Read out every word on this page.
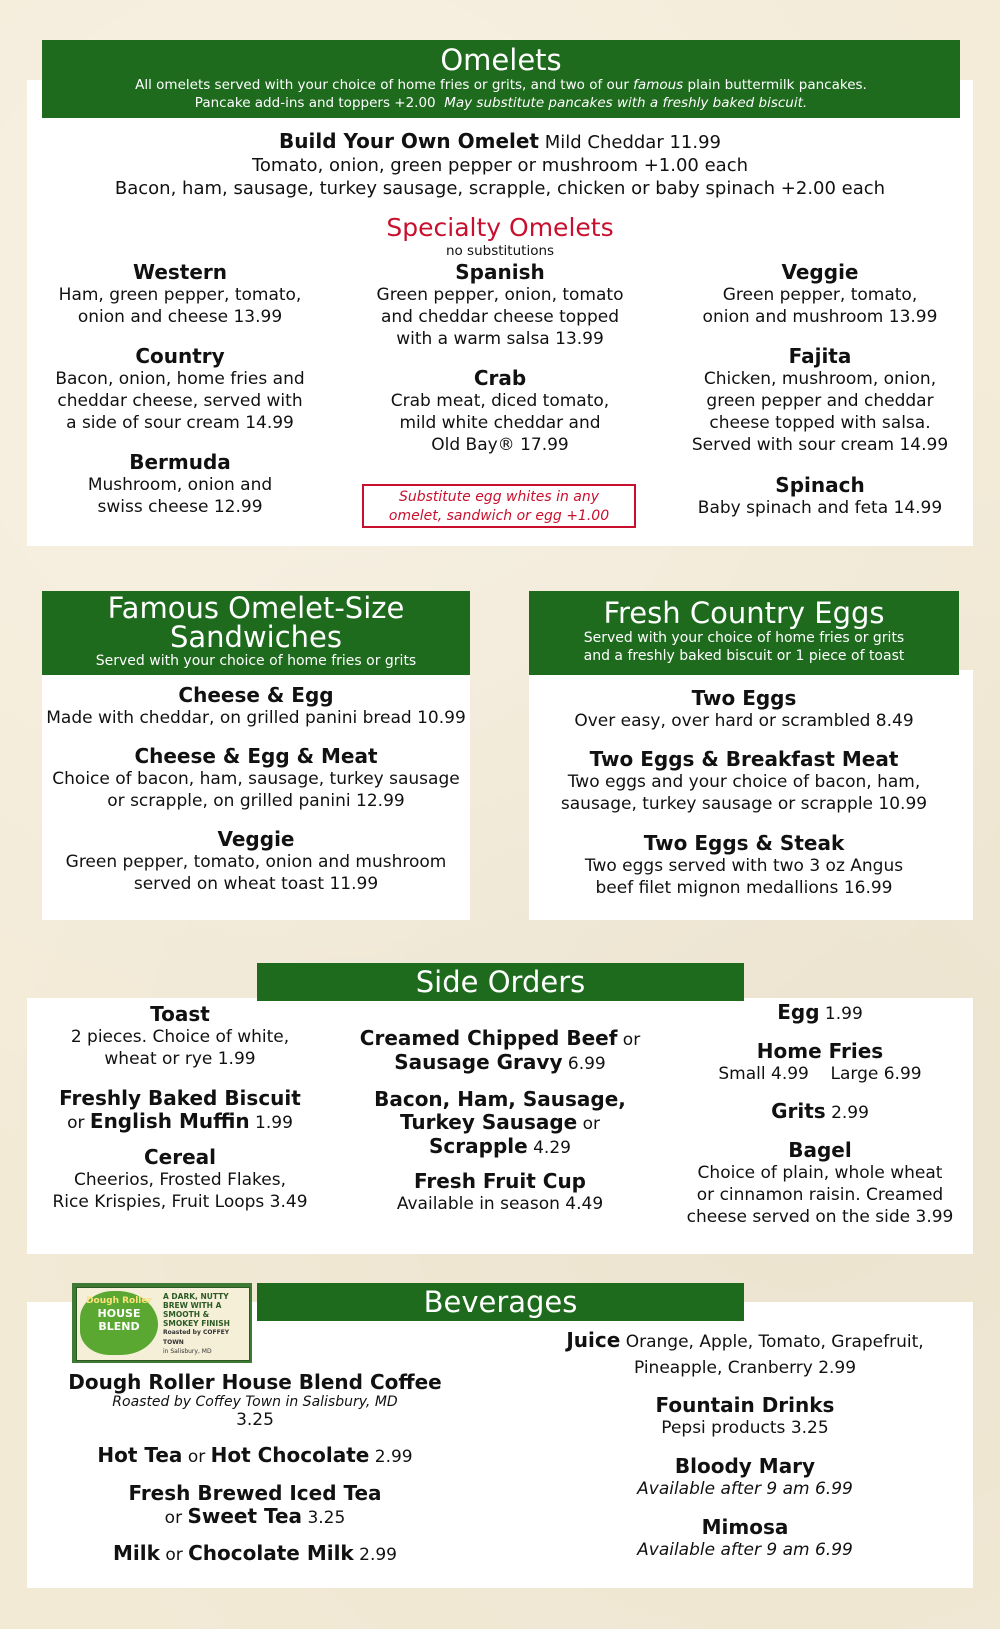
Omelets
All omelets served with your choice of home fries or grits, and two of our famous plain buttermilk pancakes.
Pancake add-ins and toppers +2.00 May substitute pancakes with a freshly baked biscuit.
Build Your Own Omelet Mild Cheddar 11.99
Tomato, onion, green pepper or mushroom +1.00 each
Bacon, ham, sausage, turkey sausage, scrapple, chicken or baby spinach +2.00 each
Specialty Omelets
no substitutions
Western
Ham, green pepper, tomato,
onion and cheese 13.99
Country
Bacon, onion, home fries and
cheddar cheese, served with
a side of sour cream 14.99
Bermuda
Mushroom, onion and
swiss cheese 12.99
Spanish
Green pepper, onion, tomato
and cheddar cheese topped
with a warm salsa 13.99
Crab
Crab meat, diced tomato,
mild white cheddar and
Old Bay® 17.99
Substitute egg whites in any
omelet, sandwich or egg +1.00
Veggie
Green pepper, tomato,
onion and mushroom 13.99
Fajita
Chicken, mushroom, onion,
green pepper and cheddar
cheese topped with salsa.
Served with sour cream 14.99
Spinach
Baby spinach and feta 14.99
Famous Omelet-Size
Sandwiches
Served with your choice of home fries or grits
Cheese & Egg
Made with cheddar, on grilled panini bread 10.99
Cheese & Egg & Meat
Choice of bacon, ham, sausage, turkey sausage
or scrapple, on grilled panini 12.99
Veggie
Green pepper, tomato, onion and mushroom
served on wheat toast 11.99
Fresh Country Eggs
Served with your choice of home fries or grits
and a freshly baked biscuit or 1 piece of toast
Two Eggs
Over easy, over hard or scrambled 8.49
Two Eggs & Breakfast Meat
Two eggs and your choice of bacon, ham,
sausage, turkey sausage or scrapple 10.99
Two Eggs & Steak
Two eggs served with two 3 oz Angus
beef filet mignon medallions 16.99
Side Orders
Toast
2 pieces. Choice of white,
wheat or rye 1.99
Freshly Baked Biscuit
or English Muffin 1.99
Cereal
Cheerios, Frosted Flakes,
Rice Krispies, Fruit Loops 3.49
Creamed Chipped Beef or
Sausage Gravy 6.99
Bacon, Ham, Sausage,
Turkey Sausage or
Scrapple 4.29
Fresh Fruit Cup
Available in season 4.49
Egg 1.99
Home Fries
Small 4.99 Large 6.99
Grits 2.99
Bagel
Choice of plain, whole wheat
or cinnamon raisin. Creamed
cheese served on the side 3.99
Beverages
Dough Roller
HOUSE
BLEND
A DARK, NUTTY
BREW WITH A
SMOOTH &
SMOKEY FINISH
Roasted by COFFEY TOWN
in Salisbury, MD
Dough Roller House Blend Coffee
Roasted by Coffey Town in Salisbury, MD
3.25
Hot Tea or Hot Chocolate 2.99
Fresh Brewed Iced Tea
or Sweet Tea 3.25
Milk or Chocolate Milk 2.99
Juice Orange, Apple, Tomato, Grapefruit,
Pineapple, Cranberry 2.99
Fountain Drinks
Pepsi products 3.25
Bloody Mary
Available after 9 am 6.99
Mimosa
Available after 9 am 6.99
